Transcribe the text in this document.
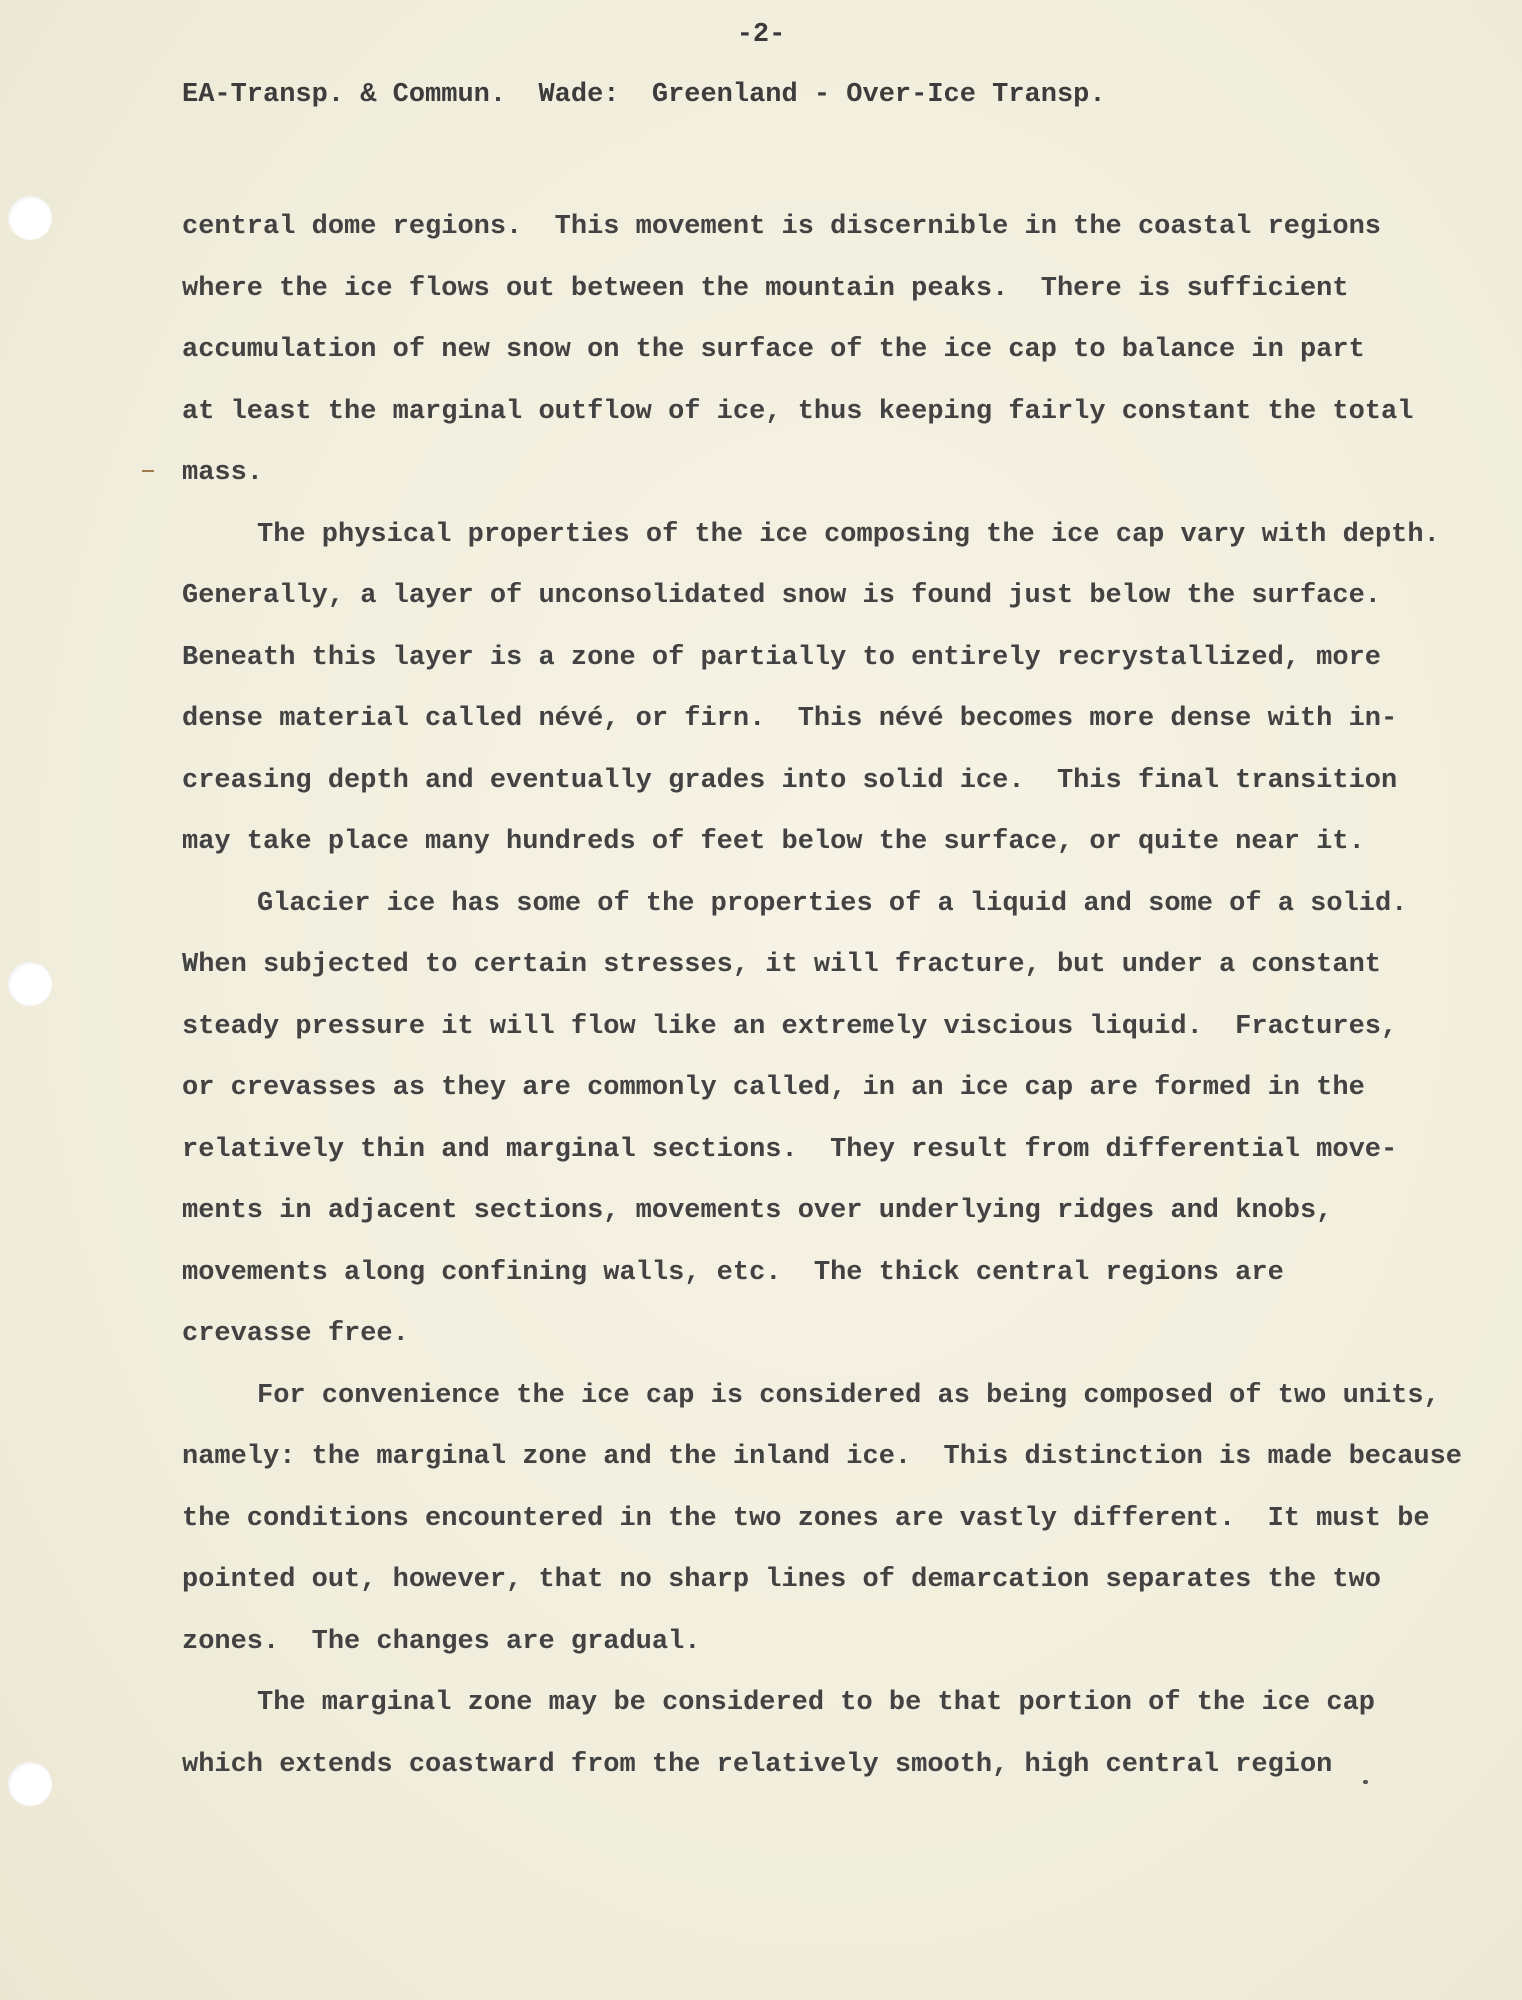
-2-
EA-Transp. & Commun.  Wade:  Greenland - Over-Ice Transp.
central dome regions.  This movement is discernible in the coastal regions
where the ice flows out between the mountain peaks.  There is sufficient
accumulation of new snow on the surface of the ice cap to balance in part
at least the marginal outflow of ice, thus keeping fairly constant the total
mass.
The physical properties of the ice composing the ice cap vary with depth.
Generally, a layer of unconsolidated snow is found just below the surface.
Beneath this layer is a zone of partially to entirely recrystallized, more
dense material called névé, or firn.  This névé becomes more dense with in-
creasing depth and eventually grades into solid ice.  This final transition
may take place many hundreds of feet below the surface, or quite near it.
Glacier ice has some of the properties of a liquid and some of a solid.
When subjected to certain stresses, it will fracture, but under a constant
steady pressure it will flow like an extremely viscious liquid.  Fractures,
or crevasses as they are commonly called, in an ice cap are formed in the
relatively thin and marginal sections.  They result from differential move-
ments in adjacent sections, movements over underlying ridges and knobs,
movements along confining walls, etc.  The thick central regions are
crevasse free.
For convenience the ice cap is considered as being composed of two units,
namely: the marginal zone and the inland ice.  This distinction is made because
the conditions encountered in the two zones are vastly different.  It must be
pointed out, however, that no sharp lines of demarcation separates the two
zones.  The changes are gradual.
The marginal zone may be considered to be that portion of the ice cap
which extends coastward from the relatively smooth, high central region
